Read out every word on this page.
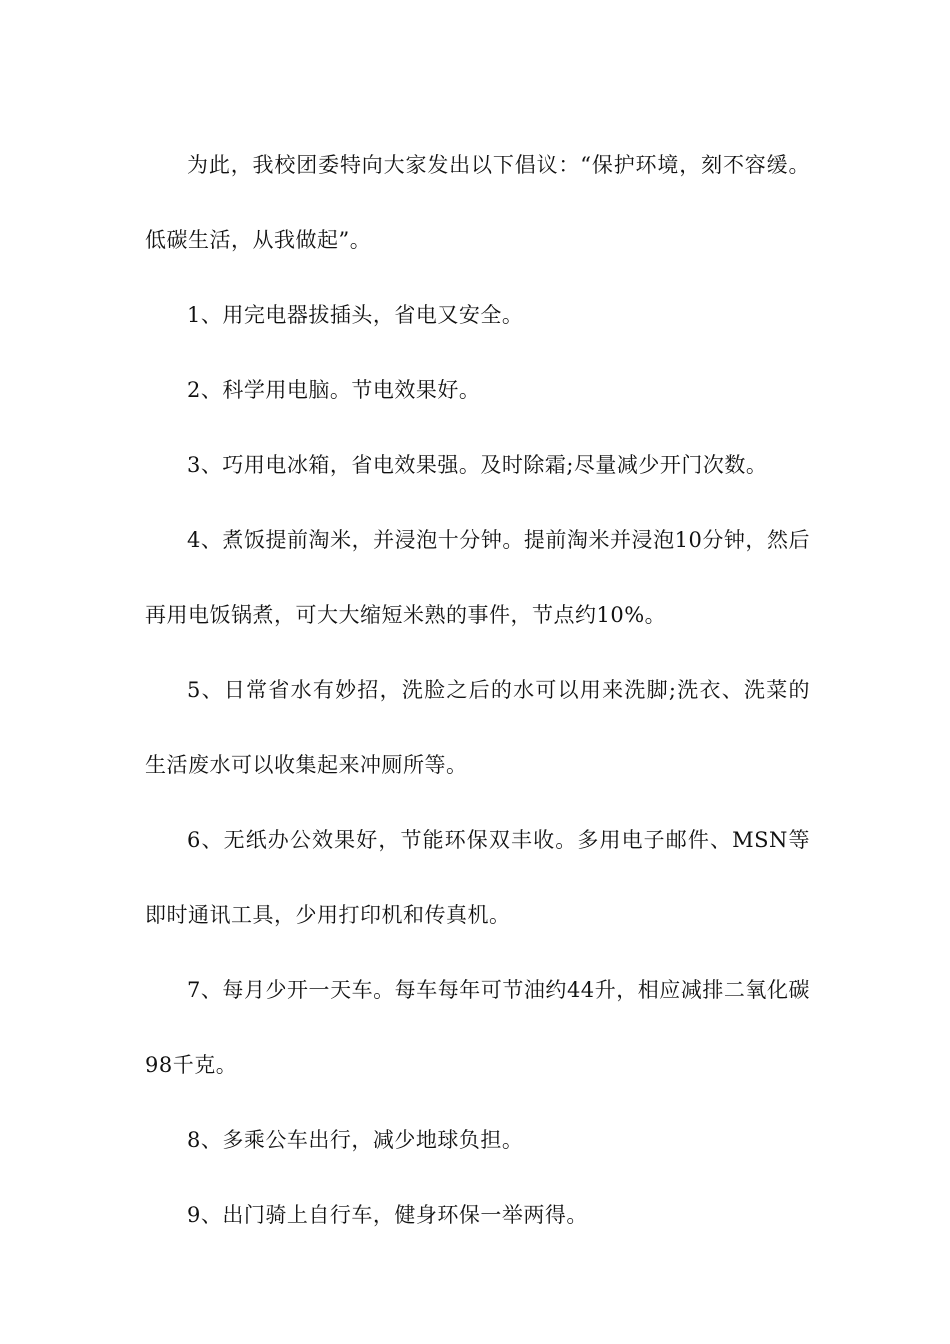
为此，我校团委特向大家发出以下倡议：“保护环境，刻不容缓。低碳生活，从我做起”。

1、用完电器拔插头，省电又安全。

2、科学用电脑。节电效果好。

3、巧用电冰箱，省电效果强。及时除霜;尽量减少开门次数。

4、煮饭提前淘米，并浸泡十分钟。提前淘米并浸泡10分钟，然后再用电饭锅煮，可大大缩短米熟的事件，节点约10%。

5、日常省水有妙招，洗脸之后的水可以用来洗脚;洗衣、洗菜的生活废水可以收集起来冲厕所等。

6、无纸办公效果好，节能环保双丰收。多用电子邮件、MSN等即时通讯工具，少用打印机和传真机。

7、每月少开一天车。每车每年可节油约44升，相应减排二氧化碳98千克。

8、多乘公车出行，减少地球负担。

9、出门骑上自行车，健身环保一举两得。
